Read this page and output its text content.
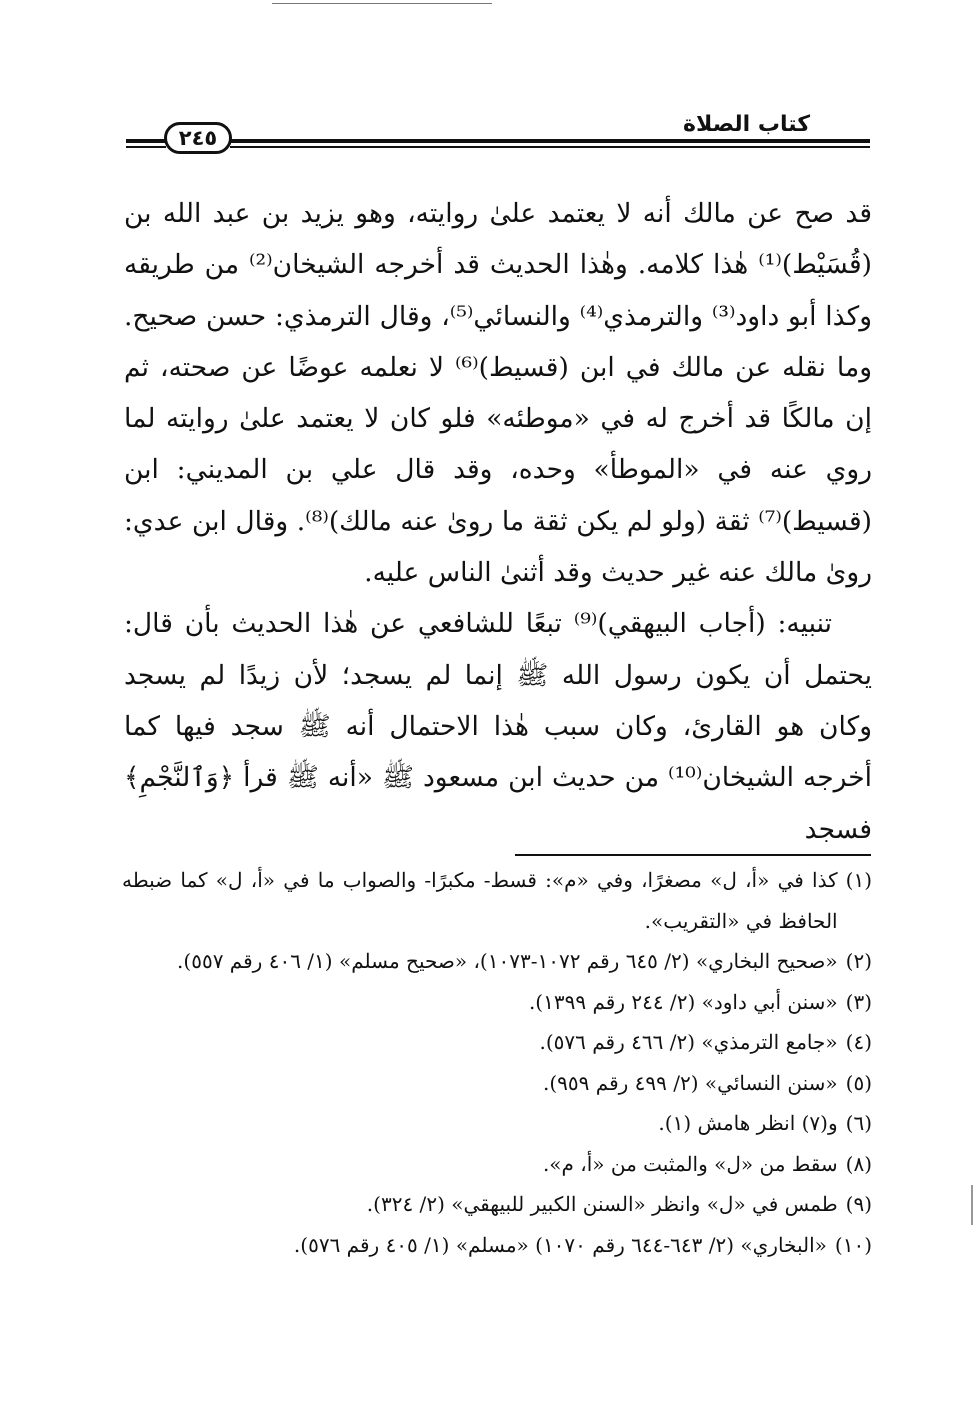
٢٤٥
كتاب الصلاة

قد صح عن مالك أنه لا يعتمد علىٰ روايته، وهو يزيد بن عبد الله بن (قُسَيْط)⁽¹⁾ هٰذا كلامه. وهٰذا الحديث قد أخرجه الشيخان⁽²⁾ من طريقه وكذا أبو داود⁽³⁾ والترمذي⁽⁴⁾ والنسائي⁽⁵⁾، وقال الترمذي: حسن صحيح. وما نقله عن مالك في ابن (قسيط)⁽⁶⁾ لا نعلمه عوضًا عن صحته، ثم إن مالكًا قد أخرج له في «موطئه» فلو كان لا يعتمد علىٰ روايته لما روي عنه في «الموطأ» وحده، وقد قال علي بن المديني: ابن (قسيط)⁽⁷⁾ ثقة (ولو لم يكن ثقة ما روىٰ عنه مالك)⁽⁸⁾. وقال ابن عدي: روىٰ مالك عنه غير حديث وقد أثنىٰ الناس عليه.

تنبيه: (أجاب البيهقي)⁽⁹⁾ تبعًا للشافعي عن هٰذا الحديث بأن قال: يحتمل أن يكون رسول الله ﷺ إنما لم يسجد؛ لأن زيدًا لم يسجد وكان هو القارئ، وكان سبب هٰذا الاحتمال أنه ﷺ سجد فيها كما أخرجه الشيخان⁽¹⁰⁾ من حديث ابن مسعود ﷺ «أنه ﷺ قرأ ﴿وَٱلنَّجْمِ﴾ فسجد

(١)
كذا في «أ، ل» مصغرًا، وفي «م»: قسط- مكبرًا- والصواب ما في «أ، ل» كما ضبطه الحافظ في «التقريب».
(٢)
«صحيح البخاري» (٢/ ٦٤٥ رقم ١٠٧٢-١٠٧٣)، «صحيح مسلم» (١/ ٤٠٦ رقم ٥٥٧).
(٣)
«سنن أبي داود» (٢/ ٢٤٤ رقم ١٣٩٩).
(٤)
«جامع الترمذي» (٢/ ٤٦٦ رقم ٥٧٦).
(٥)
«سنن النسائي» (٢/ ٤٩٩ رقم ٩٥٩).
(٦)
و(٧) انظر هامش (١).
(٨)
سقط من «ل» والمثبت من «أ، م».
(٩)
طمس في «ل» وانظر «السنن الكبير للبيهقي» (٢/ ٣٢٤).
(١٠)
«البخاري» (٢/ ٦٤٣-٦٤٤ رقم ١٠٧٠) «مسلم» (١/ ٤٠٥ رقم ٥٧٦).
